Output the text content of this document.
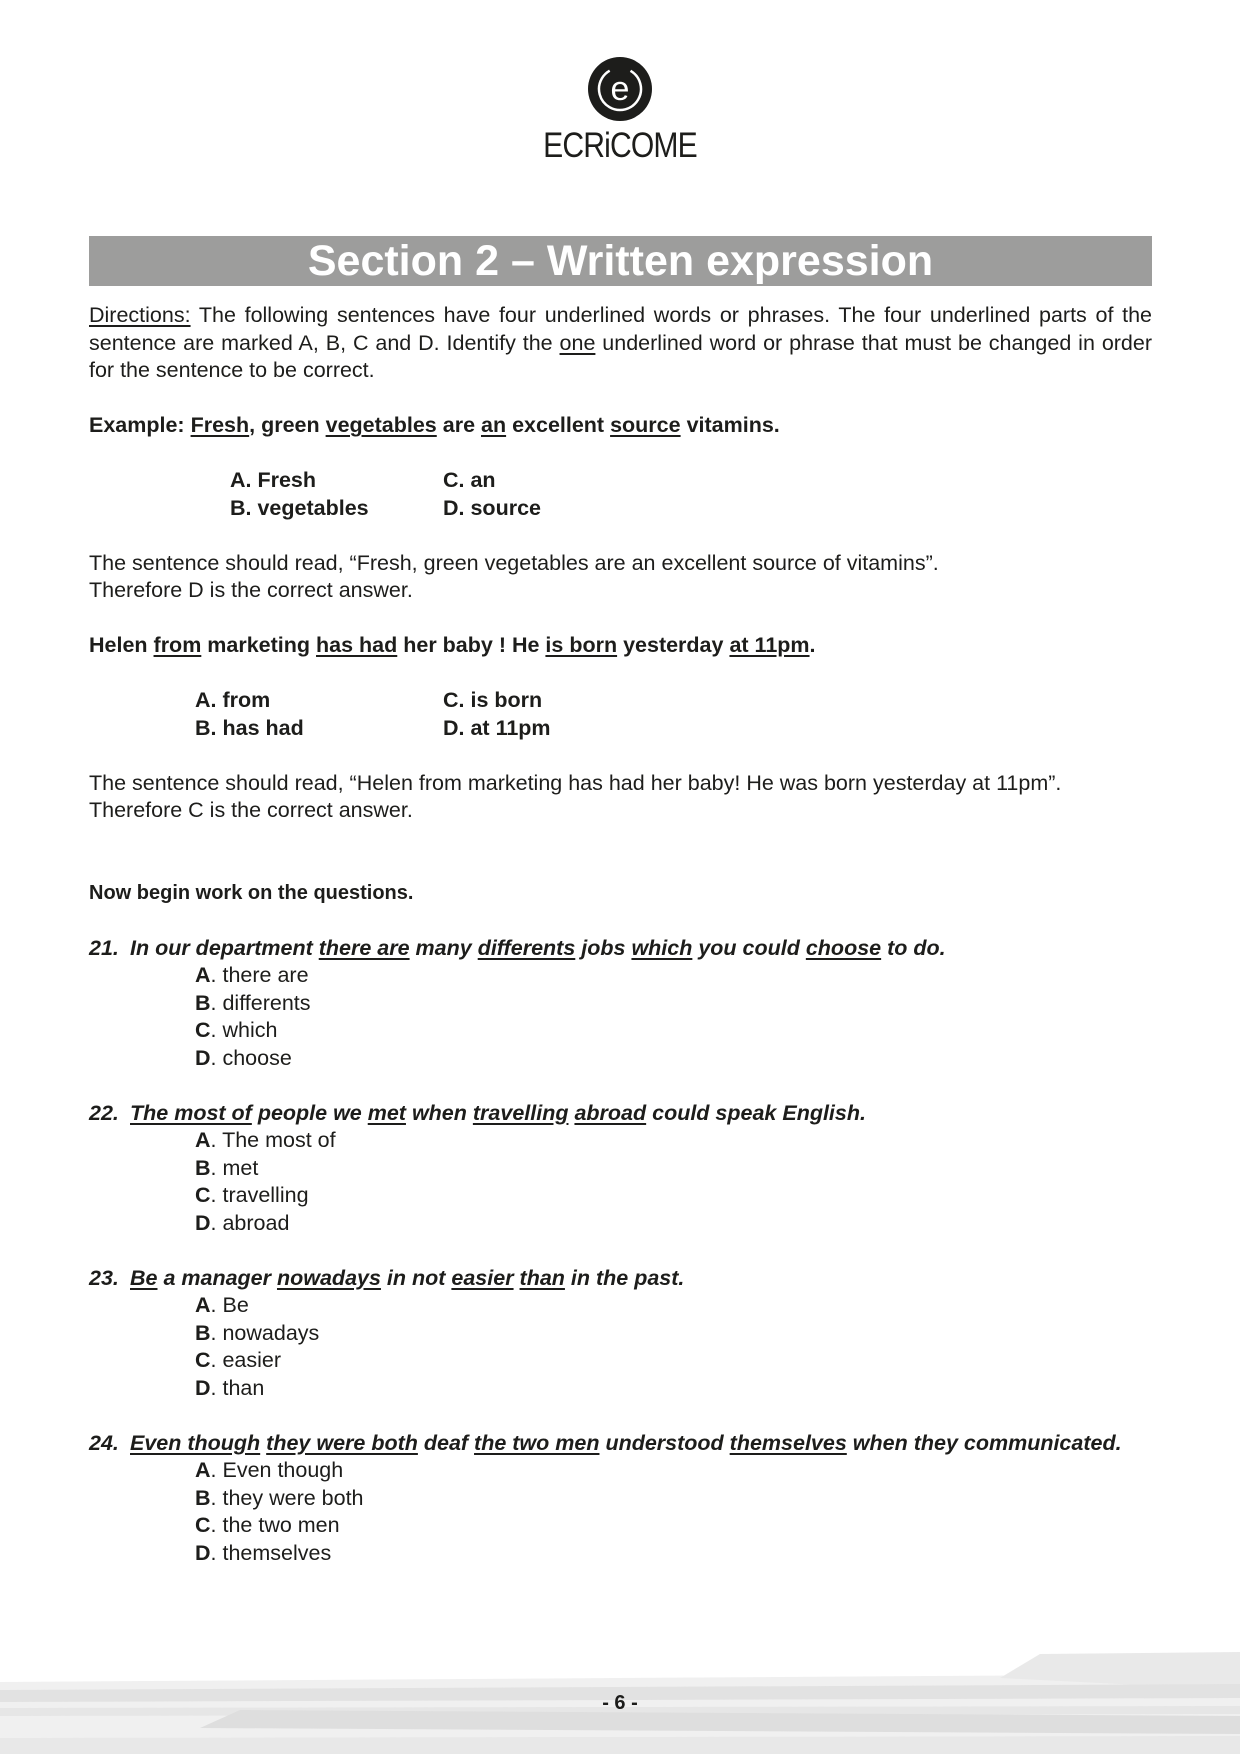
e
ECRiCOME
Section 2 – Written expression

Directions: The following sentences have four underlined words or phrases. The four underlined parts of the sentence are marked A, B, C and D. Identify the one underlined word or phrase that must be changed in order for the sentence to be correct.

Example: Fresh, green vegetables are an excellent source vitamins.

A. Fresh	C. an
B. vegetables	D. source

The sentence should read, “Fresh, green vegetables are an excellent source of vitamins”.

Therefore D is the correct answer.

Helen from marketing has had her baby ! He is born yesterday at 11pm.

A. from	C. is born
B. has had	D. at 11pm

The sentence should read, “Helen from marketing has had her baby! He was born yesterday at 11pm”.

Therefore C is the correct answer.

Now begin work on the questions.

21. In our department there are many differents jobs which you could choose to do.
A. there are
B. differents
C. which
D. choose
22. The most of people we met when travelling abroad could speak English.
A. The most of
B. met
C. travelling
D. abroad
23. Be a manager nowadays in not easier than in the past.
A. Be
B. nowadays
C. easier
D. than
24. Even though they were both deaf the two men understood themselves when they communicated.
A. Even though
B. they were both
C. the two men
D. themselves
- 6 -
